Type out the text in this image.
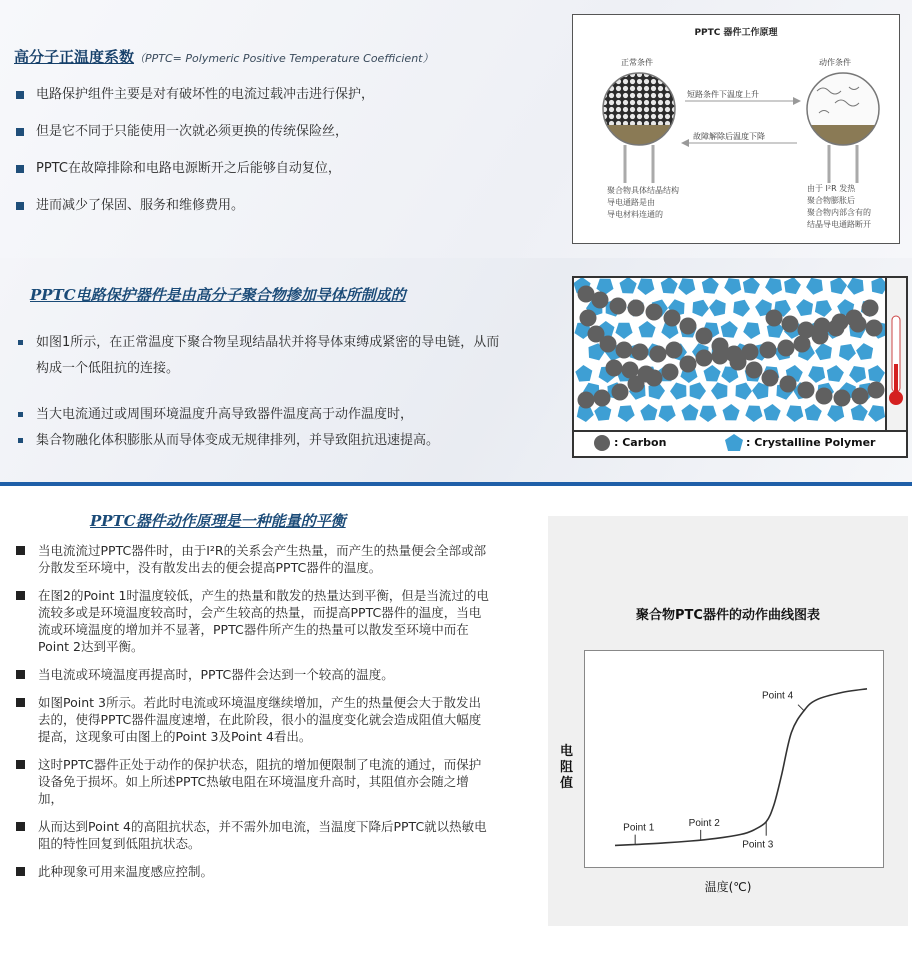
高分子正温度系数（PPTC= Polymeric Positive Temperature Coefficient）
电路保护组件主要是对有破坏性的电流过载冲击进行保护，
但是它不同于只能使用一次就必须更换的传统保险丝，
PPTC在故障排除和电路电源断开之后能够自动复位，
进而减少了保固、服务和维修费用。
PPTC 器件工作原理
正常条件	动作条件
短路条件下温度上升
故障解除后温度下降
聚合物具体结晶结构
导电通路是由
导电材料连通的
由于 I²R 发热
聚合物膨胀后
聚合物内部含有的
结晶导电通路断开
PPTC电路保护器件是由高分子聚合物掺加导体所制成的
如图1所示，在正常温度下聚合物呈现结晶状并将导体束缚成紧密的导电链，从而构成一个低阻抗的连接。
当大电流通过或周围环境温度升高导致器件温度高于动作温度时，
集合物融化体积膨胀从而导体变成无规律排列，并导致阻抗迅速提高。	: Carbon	: Crystalline Polymer
PPTC器件动作原理是一种能量的平衡
当电流流过PPTC器件时，由于I²R的关系会产生热量，而产生的热量便会全部或部分散发至环境中，没有散发出去的便会提高PPTC器件的温度。
在图2的Point 1时温度较低，产生的热量和散发的热量达到平衡，但是当流过的电流较多或是环境温度较高时，会产生较高的热量，而提高PPTC器件的温度，当电流或环境温度的增加并不显著，PPTC器件所产生的热量可以散发至环境中而在Point 2达到平衡。
当电流或环境温度再提高时，PPTC器件会达到一个较高的温度。
如图Point 3所示。若此时电流或环境温度继续增加，产生的热量便会大于散发出去的，使得PPTC器件温度速增，在此阶段，很小的温度变化就会造成阻值大幅度提高，这现象可由图上的Point 3及Point 4看出。
这时PPTC器件正处于动作的保护状态，阻抗的增加便限制了电流的通过，而保护设备免于损坏。如上所述PPTC热敏电阻在环境温度升高时，其阻值亦会随之增加，
从而达到Point 4的高阻抗状态，并不需外加电流，当温度下降后PPTC就以热敏电阻的特性回复到低阻抗状态。
此种现象可用来温度感应控制。
聚合物PTC器件的动作曲线图表
电阻值
Point 1	Point 2
Point 3
Point 4
温度(℃)
